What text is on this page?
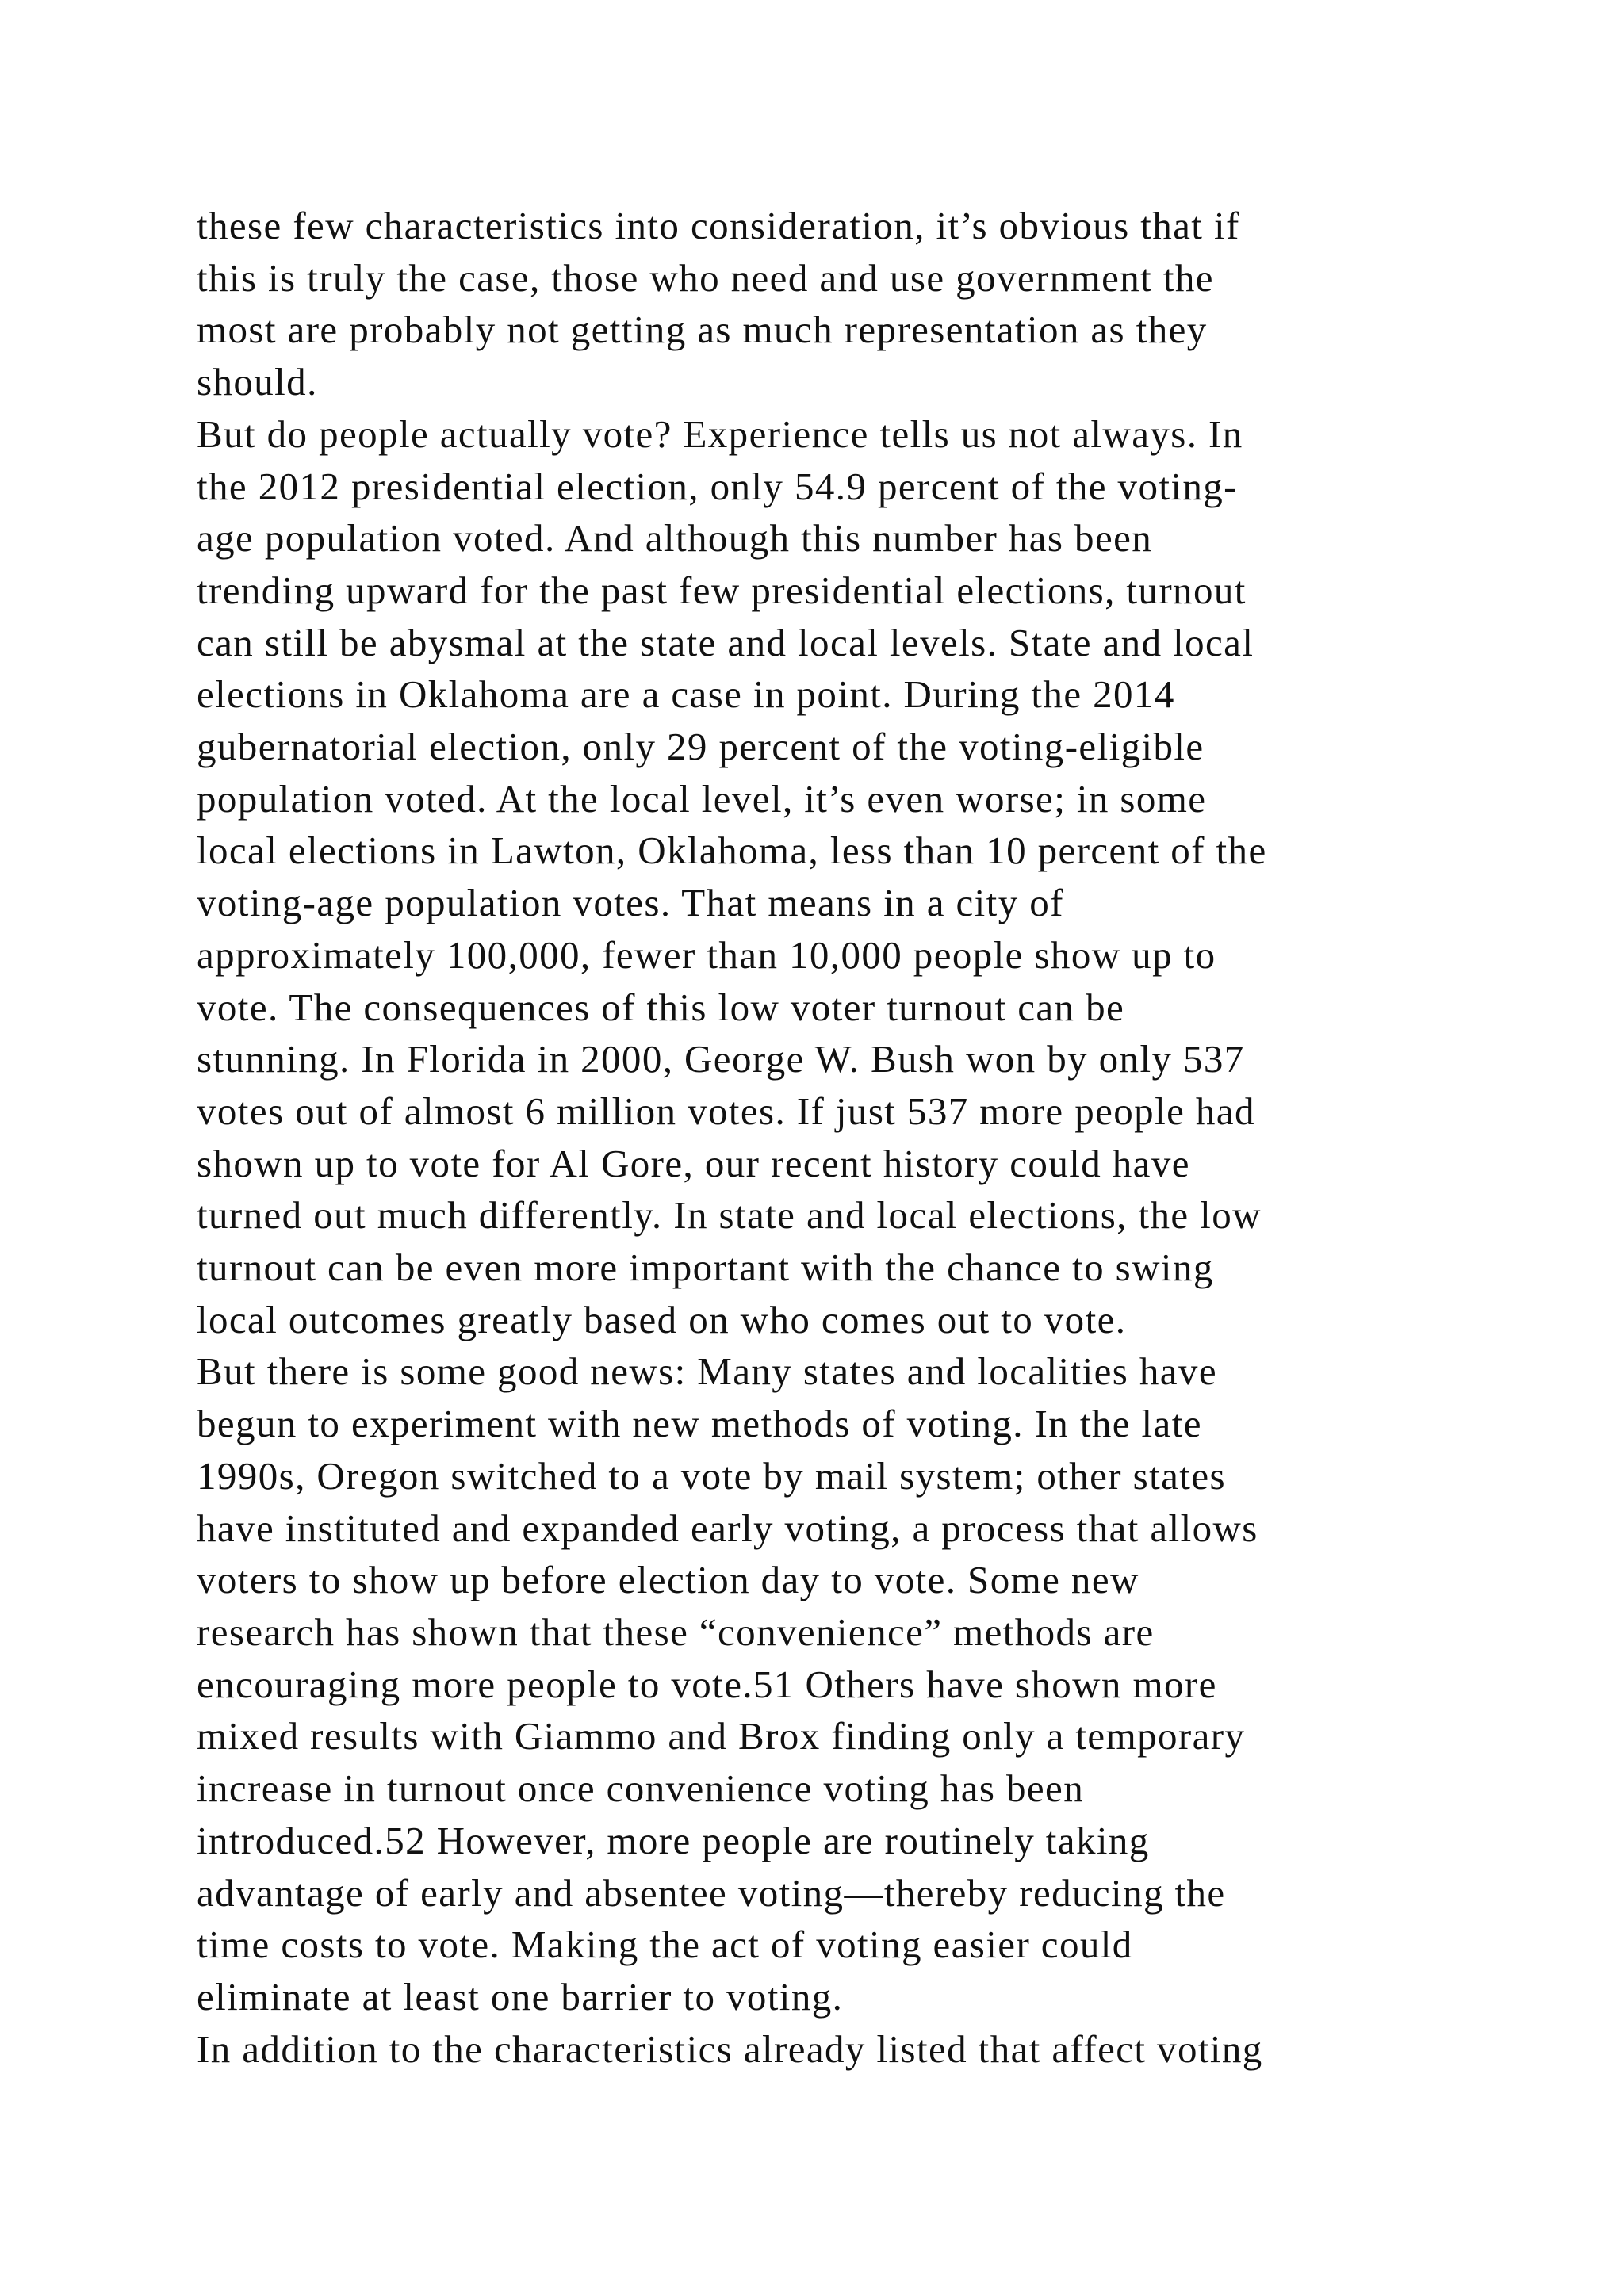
these few characteristics into consideration, it’s obvious that if
this is truly the case, those who need and use government the
most are probably not getting as much representation as they
should.
But do people actually vote? Experience tells us not always. In
the 2012 presidential election, only 54.9 percent of the voting-
age population voted. And although this number has been
trending upward for the past few presidential elections, turnout
can still be abysmal at the state and local levels. State and local
elections in Oklahoma are a case in point. During the 2014
gubernatorial election, only 29 percent of the voting-eligible
population voted. At the local level, it’s even worse; in some
local elections in Lawton, Oklahoma, less than 10 percent of the
voting-age population votes. That means in a city of
approximately 100,000, fewer than 10,000 people show up to
vote. The consequences of this low voter turnout can be
stunning. In Florida in 2000, George W. Bush won by only 537
votes out of almost 6 million votes. If just 537 more people had
shown up to vote for Al Gore, our recent history could have
turned out much differently. In state and local elections, the low
turnout can be even more important with the chance to swing
local outcomes greatly based on who comes out to vote.
But there is some good news: Many states and localities have
begun to experiment with new methods of voting. In the late
1990s, Oregon switched to a vote by mail system; other states
have instituted and expanded early voting, a process that allows
voters to show up before election day to vote. Some new
research has shown that these “convenience” methods are
encouraging more people to vote.51 Others have shown more
mixed results with Giammo and Brox finding only a temporary
increase in turnout once convenience voting has been
introduced.52 However, more people are routinely taking
advantage of early and absentee voting—thereby reducing the
time costs to vote. Making the act of voting easier could
eliminate at least one barrier to voting.
In addition to the characteristics already listed that affect voting
